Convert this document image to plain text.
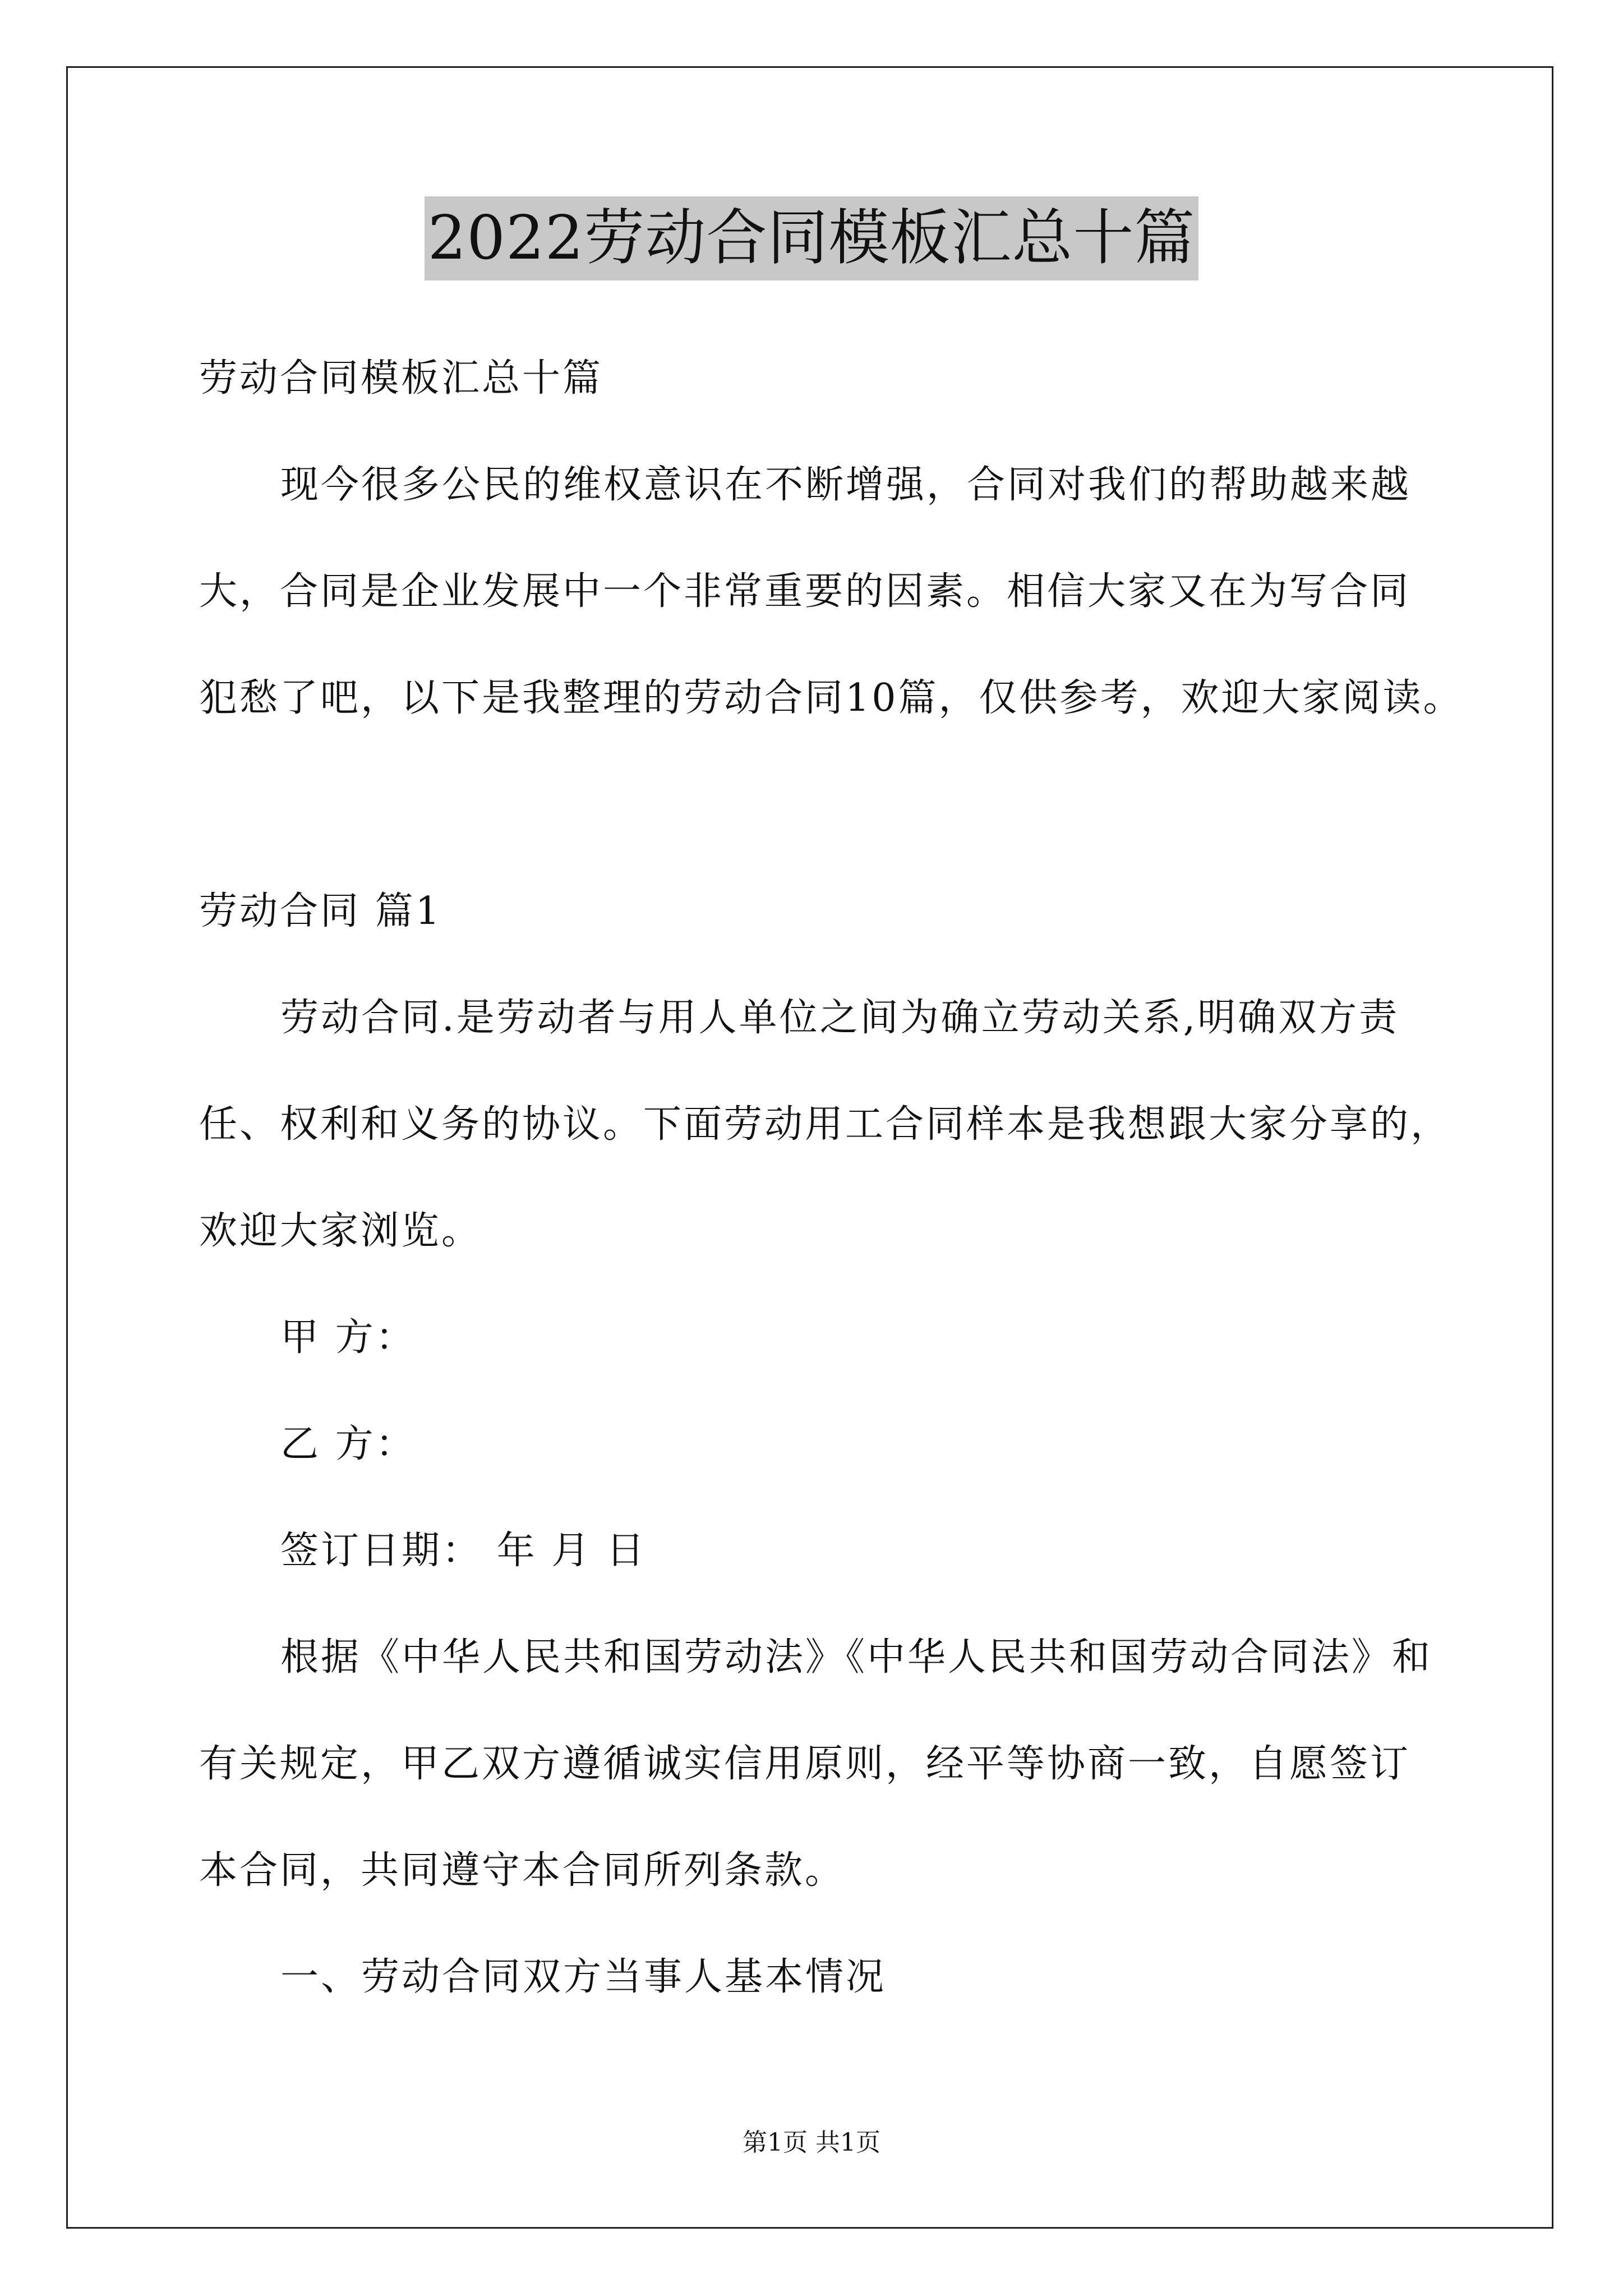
2022劳动合同模板汇总十篇
劳动合同模板汇总十篇
现今很多公民的维权意识在不断增强，合同对我们的帮助越来越
大，合同是企业发展中一个非常重要的因素。相信大家又在为写合同
犯愁了吧，以下是我整理的劳动合同10篇，仅供参考，欢迎大家阅读。
劳动合同 篇1
劳动合同.是劳动者与用人单位之间为确立劳动关系,明确双方责
任、权利和义务的协议。下面劳动用工合同样本是我想跟大家分享的，
欢迎大家浏览。
甲 方：
乙 方：
签订日期： 年 月 日
根据《中华人民共和国劳动法》《中华人民共和国劳动合同法》和
有关规定，甲乙双方遵循诚实信用原则，经平等协商一致，自愿签订
本合同，共同遵守本合同所列条款。
一、劳动合同双方当事人基本情况
第1页 共1页
